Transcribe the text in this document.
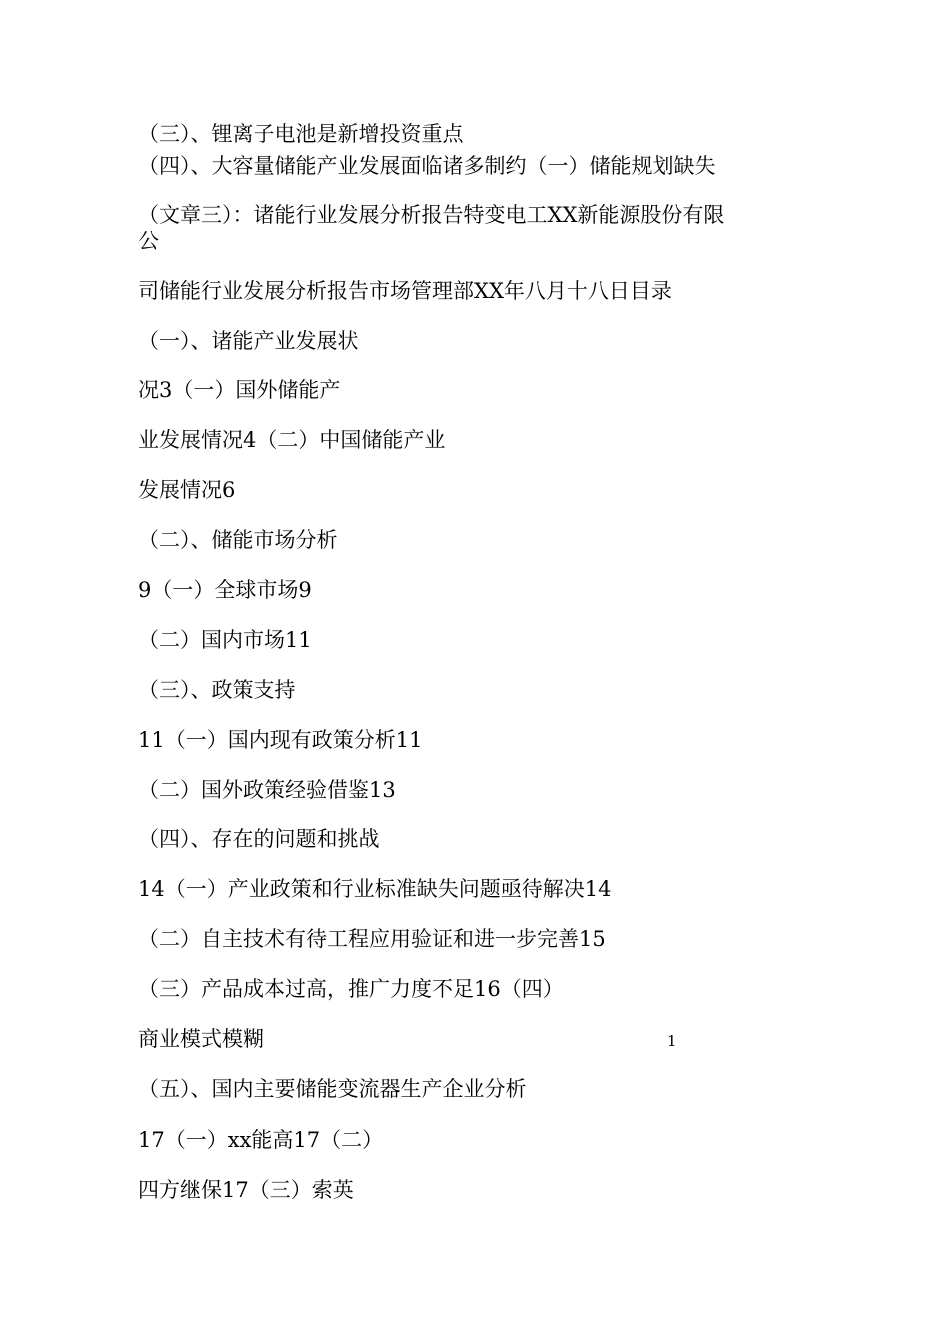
（三）、锂离子电池是新增投资重点
（四）、大容量储能产业发展面临诸多制约（一）储能规划缺失
（文章三）：诸能行业发展分析报告特变电工XX新能源股份有限
公
司储能行业发展分析报告市场管理部XX年八月十八日目录
（一）、诸能产业发展状
况3（一）国外储能产
业发展情况4（二）中国储能产业
发展情况6
（二）、储能市场分析
9（一）全球市场9
（二）国内市场11
（三）、政策支持
11（一）国内现有政策分析11
（二）国外政策经验借鉴13
（四）、存在的问题和挑战
14（一）产业政策和行业标准缺失问题亟待解决14
（二）自主技术有待工程应用验证和进一步完善15
（三）产品成本过高，推广力度不足16（四）
商业模式模糊	1
（五）、国内主要储能变流器生产企业分析
17（一）xx能高17（二）
四方继保17（三）索英
